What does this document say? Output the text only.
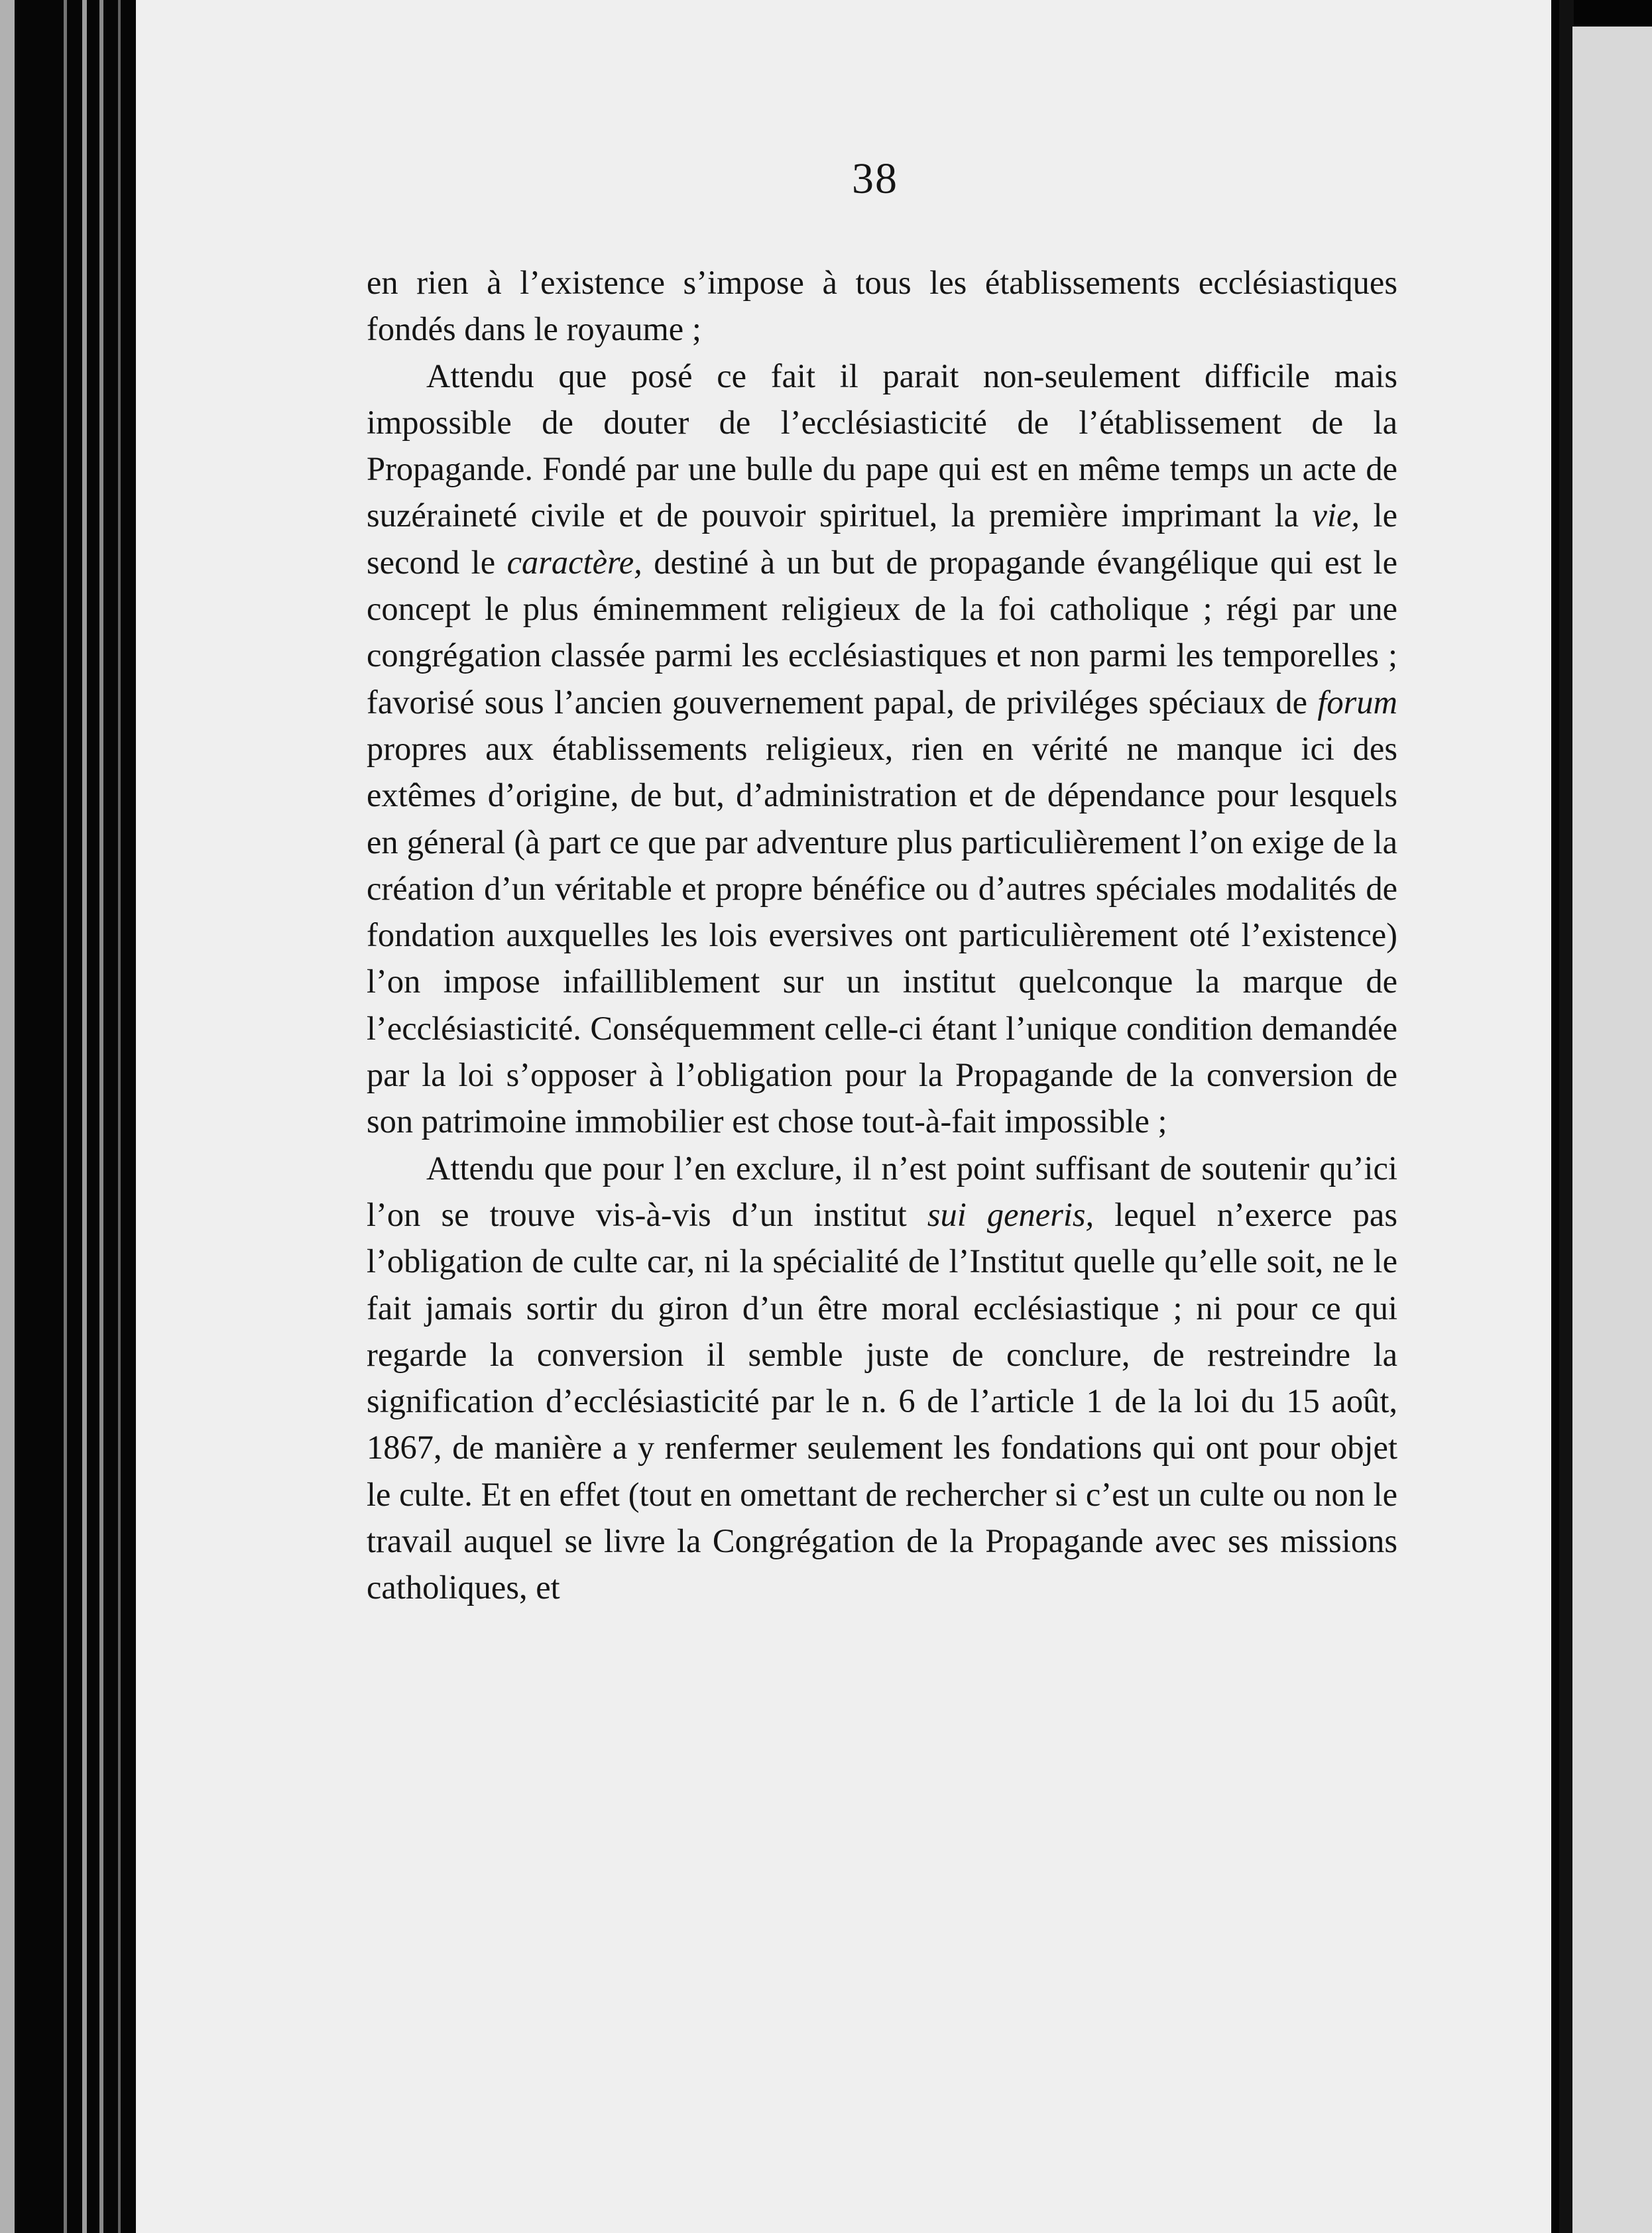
38

en rien à l’existence s’impose à tous les établissements ecclésiastiques fondés dans le royaume ;

Attendu que posé ce fait il parait non-seulement difficile mais impossible de douter de l’ecclésiasticité de l’établissement de la Propagande. Fondé par une bulle du pape qui est en même temps un acte de suzéraineté civile et de pouvoir spirituel, la première imprimant la vie, le second le caractère, destiné à un but de propagande évangélique qui est le concept le plus éminemment religieux de la foi catholique ; régi par une congrégation classée parmi les ecclésiastiques et non parmi les temporelles ; favorisé sous l’ancien gouvernement papal, de priviléges spéciaux de forum propres aux établissements religieux, rien en vérité ne manque ici des extêmes d’origine, de but, d’administration et de dépendance pour lesquels en géneral (à part ce que par adventure plus particulièrement l’on exige de la création d’un véritable et propre bénéfice ou d’autres spéciales modalités de fondation auxquelles les lois eversives ont particulièrement oté l’existence) l’on impose infailliblement sur un institut quelconque la marque de l’ecclésiasticité. Conséquemment celle-ci étant l’unique condition demandée par la loi s’opposer à l’obligation pour la Propagande de la conversion de son patrimoine immobilier est chose tout-à-fait impossible ;

Attendu que pour l’en exclure, il n’est point suffisant de soutenir qu’ici l’on se trouve vis-à-vis d’un institut sui generis, lequel n’exerce pas l’obligation de culte car, ni la spécialité de l’Institut quelle qu’elle soit, ne le fait jamais sortir du giron d’un être moral ecclésiastique ; ni pour ce qui regarde la conversion il semble juste de conclure, de restreindre la signification d’ecclésiasticité par le n. 6 de l’article 1 de la loi du 15 août, 1867, de manière a y renfermer seulement les fondations qui ont pour objet le culte. Et en effet (tout en omettant de rechercher si c’est un culte ou non le travail auquel se livre la Congrégation de la Propagande avec ses missions catholiques, et
